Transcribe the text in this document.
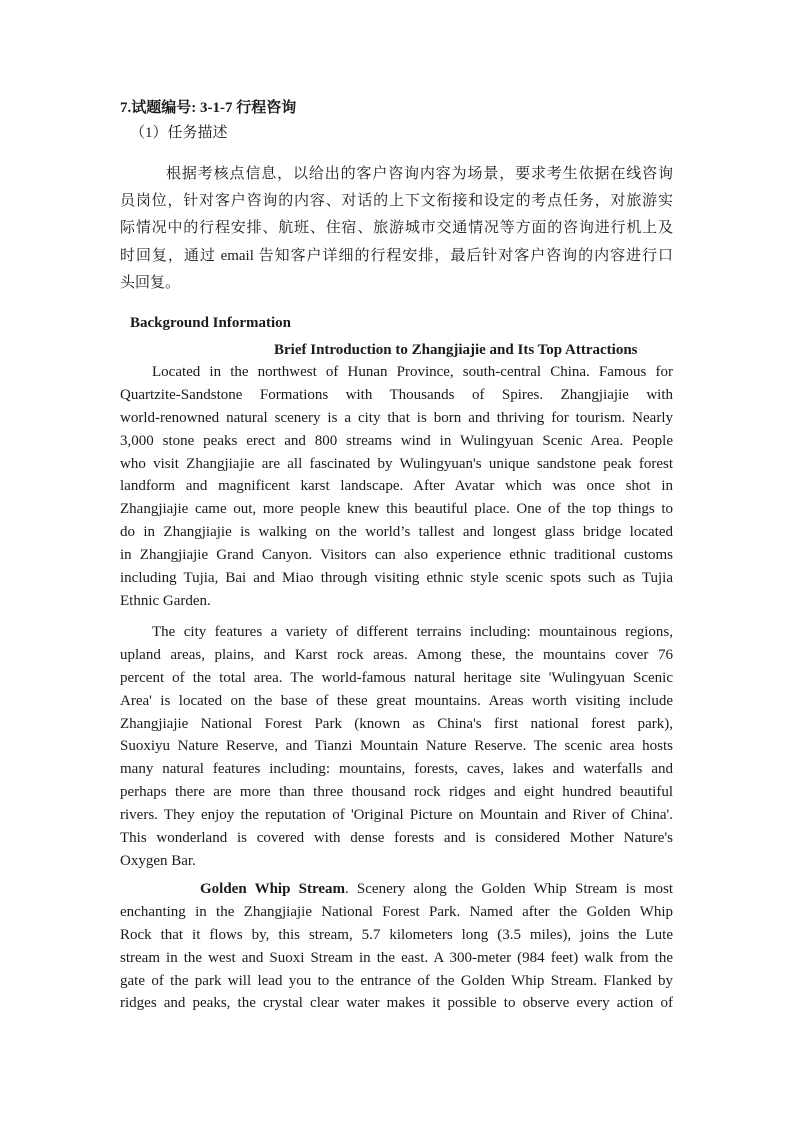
7.试题编号: 3-1-7 行程咨询
（1）任务描述
根据考核点信息，以给出的客户咨询内容为场景，要求考生依据在线咨询
员岗位，针对客户咨询的内容、对话的上下文衔接和设定的考点任务，对旅游实
际情况中的行程安排、航班、住宿、旅游城市交通情况等方面的咨询进行机上及
时回复，通过 email 告知客户详细的行程安排，最后针对客户咨询的内容进行口
头回复。
Background Information
Brief Introduction to Zhangjiajie and Its Top Attractions
Located in the northwest of Hunan Province, south-central China. Famous for
Quartzite-Sandstone Formations with Thousands of Spires. Zhangjiajie with
world-renowned natural scenery is a city that is born and thriving for tourism. Nearly
3,000 stone peaks erect and 800 streams wind in Wulingyuan Scenic Area. People
who visit Zhangjiajie are all fascinated by Wulingyuan's unique sandstone peak forest
landform and magnificent karst landscape. After Avatar which was once shot in
Zhangjiajie came out, more people knew this beautiful place. One of the top things to
do in Zhangjiajie is walking on the world’s tallest and longest glass bridge located
in Zhangjiajie Grand Canyon. Visitors can also experience ethnic traditional customs
including Tujia, Bai and Miao through visiting ethnic style scenic spots such as Tujia
Ethnic Garden.
The city features a variety of different terrains including: mountainous regions,
upland areas, plains, and Karst rock areas. Among these, the mountains cover 76
percent of the total area. The world-famous natural heritage site 'Wulingyuan Scenic
Area' is located on the base of these great mountains. Areas worth visiting include
Zhangjiajie National Forest Park (known as China's first national forest park),
Suoxiyu Nature Reserve, and Tianzi Mountain Nature Reserve. The scenic area hosts
many natural features including: mountains, forests, caves, lakes and waterfalls and
perhaps there are more than three thousand rock ridges and eight hundred beautiful
rivers. They enjoy the reputation of 'Original Picture on Mountain and River of China'.
This wonderland is covered with dense forests and is considered Mother Nature's
Oxygen Bar.
Golden Whip Stream. Scenery along the Golden Whip Stream is most
enchanting in the Zhangjiajie National Forest Park. Named after the Golden Whip
Rock that it flows by, this stream, 5.7 kilometers long (3.5 miles), joins the Lute
stream in the west and Suoxi Stream in the east. A 300-meter (984 feet) walk from the
gate of the park will lead you to the entrance of the Golden Whip Stream. Flanked by
ridges and peaks, the crystal clear water makes it possible to observe every action of
